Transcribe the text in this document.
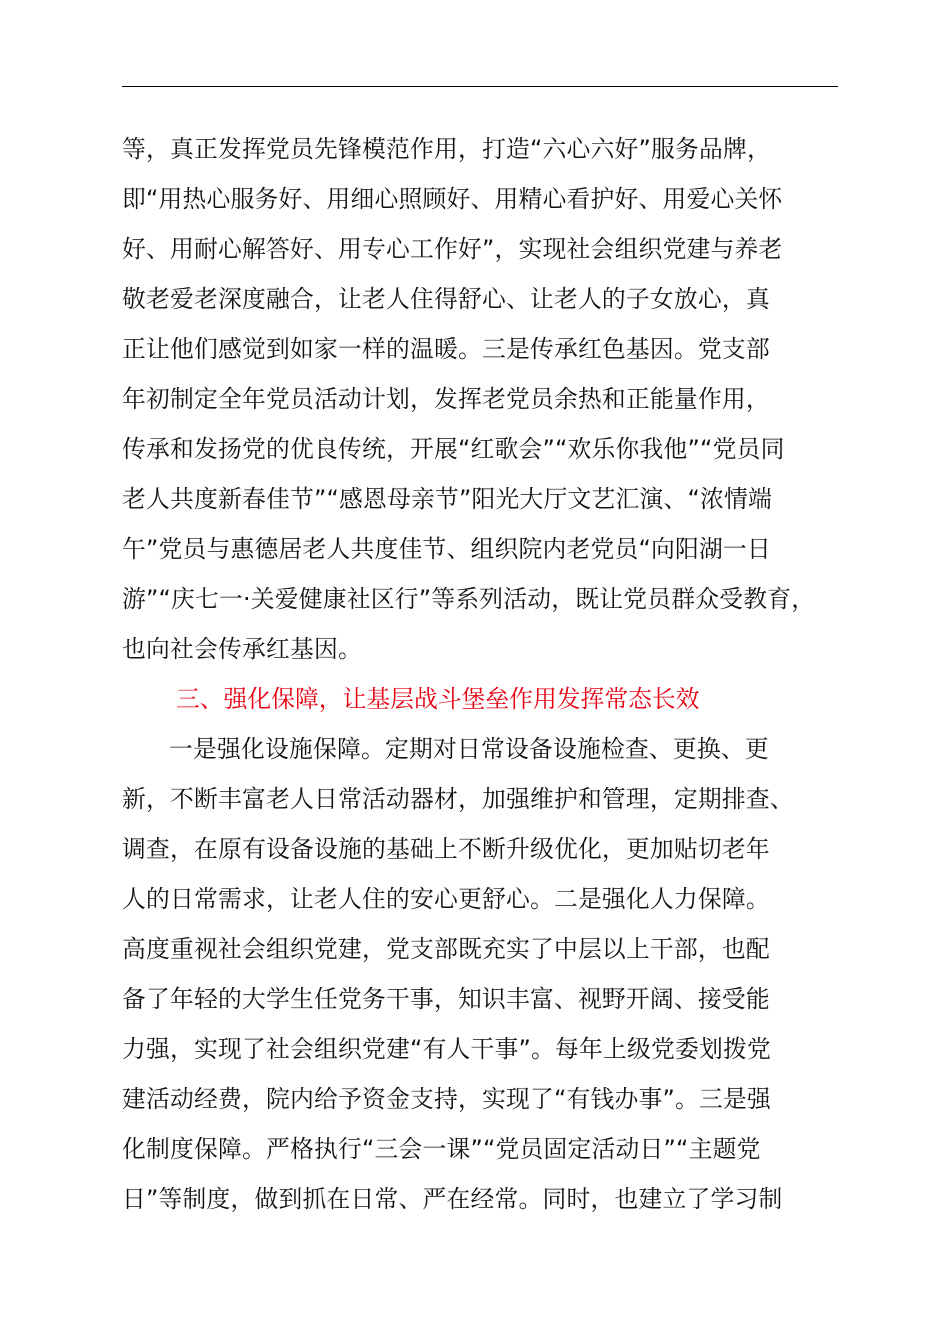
等，真正发挥党员先锋模范作用，打造“六心六好”服务品牌，
即“用热心服务好、用细心照顾好、用精心看护好、用爱心关怀
好、用耐心解答好、用专心工作好”，实现社会组织党建与养老
敬老爱老深度融合，让老人住得舒心、让老人的子女放心，真
正让他们感觉到如家一样的温暖。三是传承红色基因。党支部
年初制定全年党员活动计划，发挥老党员余热和正能量作用，
传承和发扬党的优良传统，开展“红歌会”“欢乐你我他”“党员同
老人共度新春佳节”“感恩母亲节”阳光大厅文艺汇演、“浓情端
午”党员与惠德居老人共度佳节、组织院内老党员“向阳湖一日
游”“庆七一·关爱健康社区行”等系列活动，既让党员群众受教育，
也向社会传承红基因。
三、强化保障，让基层战斗堡垒作用发挥常态长效
一是强化设施保障。定期对日常设备设施检查、更换、更
新，不断丰富老人日常活动器材，加强维护和管理，定期排查、
调查，在原有设备设施的基础上不断升级优化，更加贴切老年
人的日常需求，让老人住的安心更舒心。二是强化人力保障。
高度重视社会组织党建，党支部既充实了中层以上干部，也配
备了年轻的大学生任党务干事，知识丰富、视野开阔、接受能
力强，实现了社会组织党建“有人干事”。每年上级党委划拨党
建活动经费，院内给予资金支持，实现了“有钱办事”。三是强
化制度保障。严格执行“三会一课”“党员固定活动日”“主题党
日”等制度，做到抓在日常、严在经常。同时，也建立了学习制
